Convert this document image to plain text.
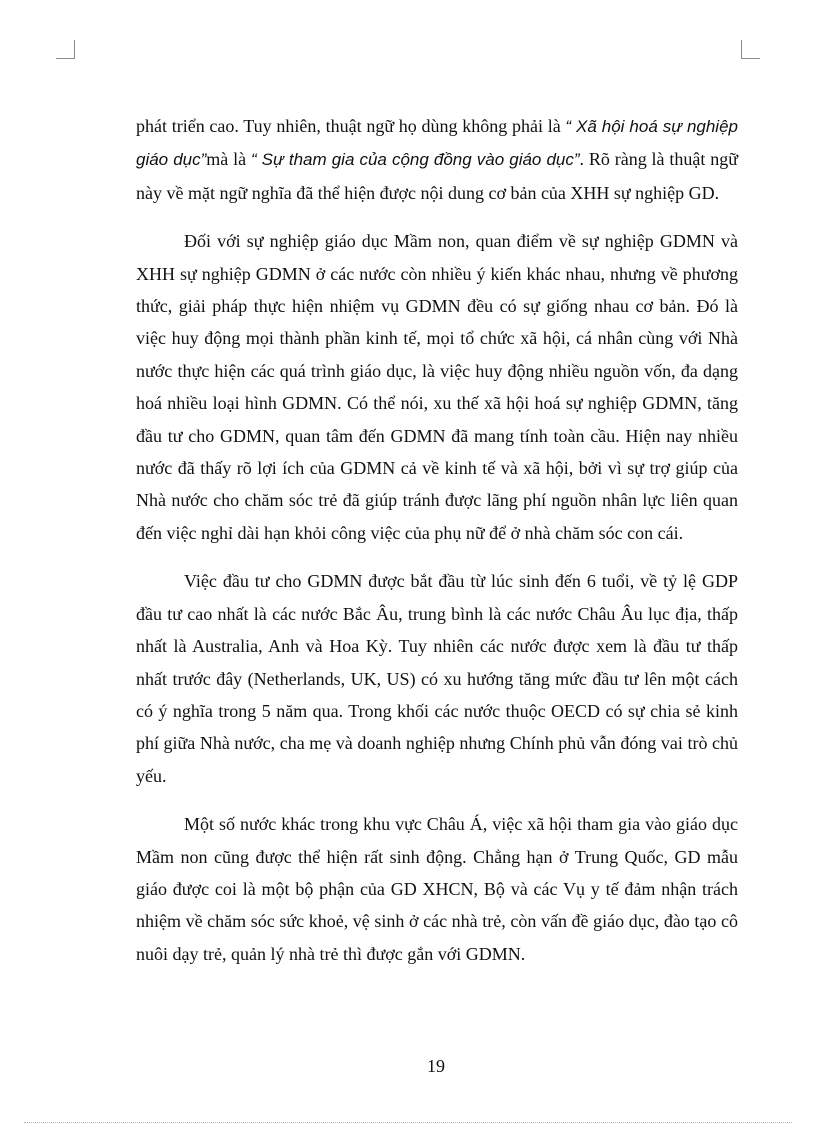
phát triển cao. Tuy nhiên, thuật ngữ họ dùng không phải là “ Xã hội hoá sự nghiệp giáo dục”mà là “ Sự tham gia của cộng đồng vào giáo dục”. Rõ ràng là thuật ngữ này về mặt ngữ nghĩa đã thể hiện được nội dung cơ bản của XHH sự nghiệp GD.

Đối với sự nghiệp giáo dục Mầm non, quan điểm về sự nghiệp GDMN và XHH sự nghiệp GDMN ở các nước còn nhiều ý kiến khác nhau, nhưng về phương thức, giải pháp thực hiện nhiệm vụ GDMN đều có sự giống nhau cơ bản. Đó là việc huy động mọi thành phần kinh tế, mọi tổ chức xã hội, cá nhân cùng với Nhà nước thực hiện các quá trình giáo dục, là việc huy động nhiều nguồn vốn, đa dạng hoá nhiều loại hình GDMN. Có thể nói, xu thế xã hội hoá sự nghiệp GDMN, tăng đầu tư cho GDMN, quan tâm đến GDMN đã mang tính toàn cầu. Hiện nay nhiều nước đã thấy rõ lợi ích của GDMN cả về kinh tế và xã hội, bởi vì sự trợ giúp của Nhà nước cho chăm sóc trẻ đã giúp tránh được lãng phí nguồn nhân lực liên quan đến việc nghỉ dài hạn khỏi công việc của phụ nữ để ở nhà chăm sóc con cái.

Việc đầu tư cho GDMN được bắt đầu từ lúc sinh đến 6 tuổi, về tỷ lệ GDP đầu tư cao nhất là các nước Bắc Âu, trung bình là các nước Châu Âu lục địa, thấp nhất là Australia, Anh và Hoa Kỳ. Tuy nhiên các nước được xem là đầu tư thấp nhất trước đây (Netherlands, UK, US) có xu hướng tăng mức đầu tư lên một cách có ý nghĩa trong 5 năm qua. Trong khối các nước thuộc OECD có sự chia sẻ kinh phí giữa Nhà nước, cha mẹ và doanh nghiệp nhưng Chính phủ vẫn đóng vai trò chủ yếu.

Một số nước khác trong khu vực Châu Á, việc xã hội tham gia vào giáo dục Mầm non cũng được thể hiện rất sinh động. Chẳng hạn ở Trung Quốc, GD mẫu giáo được coi là một bộ phận của GD XHCN, Bộ và các Vụ y tế đảm nhận trách nhiệm về chăm sóc sức khoẻ, vệ sinh ở các nhà trẻ, còn vấn đề giáo dục, đào tạo cô nuôi dạy trẻ, quản lý nhà trẻ thì được gắn với GDMN.

19
